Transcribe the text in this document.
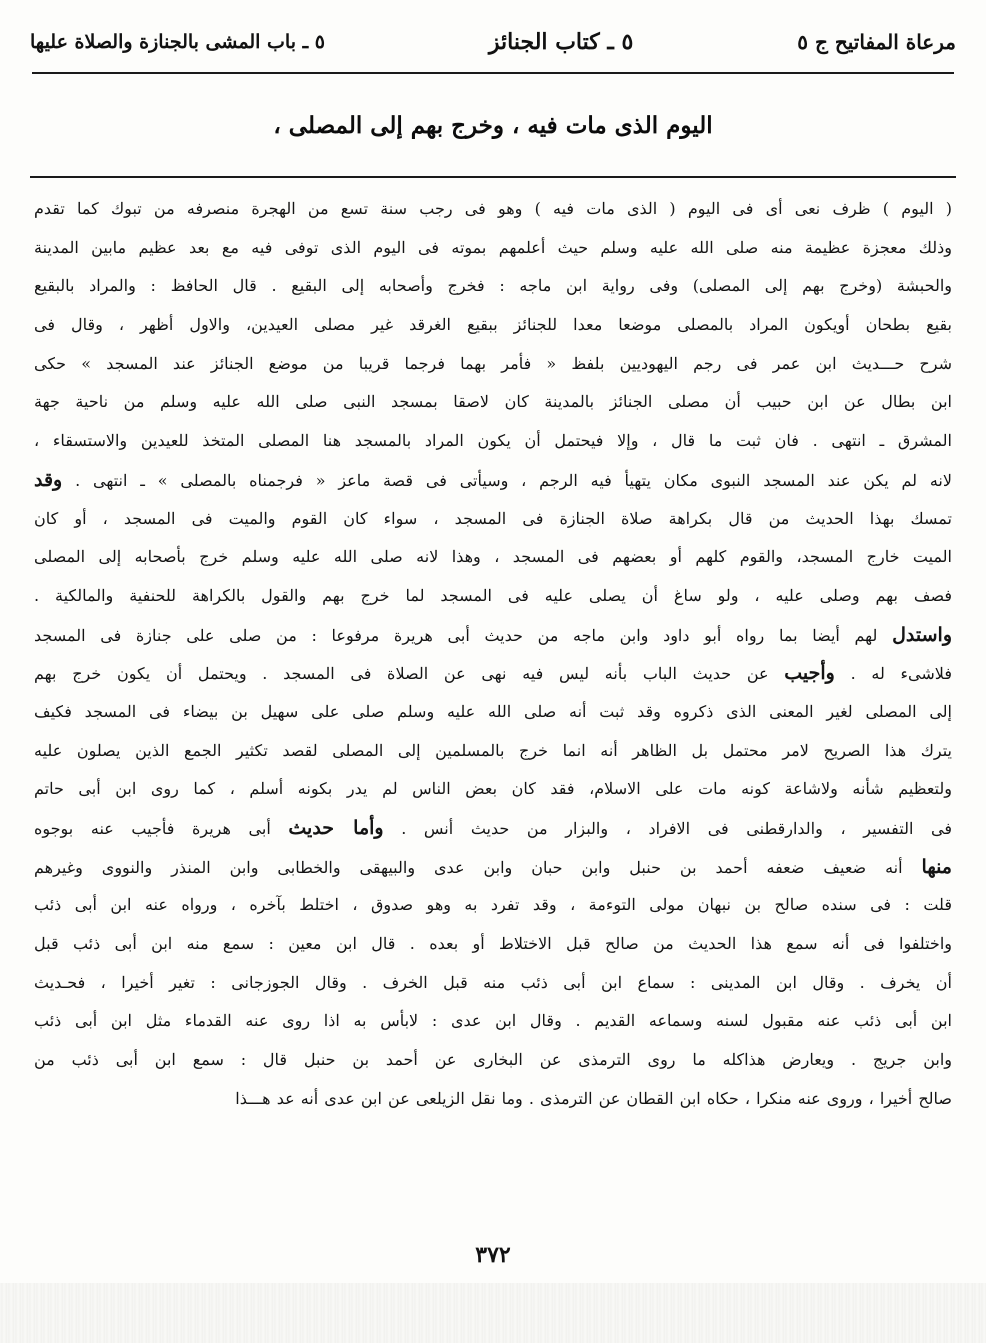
مرعاة المفاتيح ج ٥
٥ ـ كتاب الجنائز
٥ ـ باب المشى بالجنازة والصلاة عليها
اليوم الذى مات فيه ، وخرج بهم إلى المصلى ،
( اليوم ) ظرف نعى أى فى اليوم ( الذى مات فيه ) وهو فى رجب سنة تسع من الهجرة منصرفه من تبوك كما تقدم
وذلك معجزة عظيمة منه صلى الله عليه وسلم حيث أعلمهم بموته فى اليوم الذى توفى فيه مع بعد عظيم مابين المدينة
والحبشة (وخرج بهم إلى المصلى) وفى رواية ابن ماجه : فخرج وأصحابه إلى البقيع . قال الحافظ : والمراد بالبقيع
بقيع بطحان أويكون المراد بالمصلى موضعا معدا للجنائز ببقيع الغرقد غير مصلى العيدين، والاول أظهر ، وقال فى
شرح حـــديث ابن عمر فى رجم اليهوديين بلفظ « فأمر بهما فرجما قريبا من موضع الجنائز عند المسجد » حكى
ابن بطال عن ابن حبيب أن مصلى الجنائز بالمدينة كان لاصقا بمسجد النبى صلى الله عليه وسلم من ناحية جهة
المشرق ـ انتهى . فان ثبت ما قال ، وإلا فيحتمل أن يكون المراد بالمسجد هنا المصلى المتخذ للعيدين والاستسقاء ،
لانه لم يكن عند المسجد النبوى مكان يتهيأ فيه الرجم ، وسيأتى فى قصة ماعز « فرجمناه بالمصلى » ـ انتهى . وقد
تمسك بهذا الحديث من قال بكراهة صلاة الجنازة فى المسجد ، سواء كان القوم والميت فى المسجد ، أو كان
الميت خارج المسجد، والقوم كلهم أو بعضهم فى المسجد ، وهذا لانه صلى الله عليه وسلم خرج بأصحابه إلى المصلى
فصف بهم وصلى عليه ، ولو ساغ أن يصلى عليه فى المسجد لما خرج بهم والقول بالكراهة للحنفية والمالكية .
واستدل لهم أيضا بما رواه أبو داود وابن ماجه من حديث أبى هريرة مرفوعا : من صلى على جنازة فى المسجد
فلاشىء له . وأجيب عن حديث الباب بأنه ليس فيه نهى عن الصلاة فى المسجد . ويحتمل أن يكون خرج بهم
إلى المصلى لغير المعنى الذى ذكروه وقد ثبت أنه صلى الله عليه وسلم صلى على سهيل بن بيضاء فى المسجد فكيف
يترك هذا الصريح لامر محتمل بل الظاهر أنه انما خرج بالمسلمين إلى المصلى لقصد تكثير الجمع الذين يصلون عليه
ولتعظيم شأنه ولاشاعة كونه مات على الاسلام، فقد كان بعض الناس لم يدر بكونه أسلم ، كما روى ابن أبى حاتم
فى التفسير ، والدارقطنى فى الافراد ، والبزار من حديث أنس . وأما حديث أبى هريرة فأجيب عنه بوجوه
منها أنه ضعيف ضعفه أحمد بن حنبل وابن حبان وابن عدى والبيهقى والخطابى وابن المنذر والنووى وغيرهم
قلت : فى سنده صالح بن نبهان مولى التوءمة ، وقد تفرد به وهو صدوق ، اختلط بآخره ، ورواه عنه ابن أبى ذئب
واختلفوا فى أنه سمع هذا الحديث من صالح قبل الاختلاط أو بعده . قال ابن معين : سمع منه ابن أبى ذئب قبل
أن يخرف . وقال ابن المدينى : سماع ابن أبى ذئب منه قبل الخرف . وقال الجوزجانى : تغير أخيرا ، فحـديث
ابن أبى ذئب عنه مقبول لسنه وسماعه القديم . وقال ابن عدى : لابأس به اذا روى عنه القدماء مثل ابن أبى ذئب
وابن جريج . ويعارض هذاكله ما روى الترمذى عن البخارى عن أحمد بن حنبل قال : سمع ابن أبى ذئب من
صالح أخيرا ، وروى عنه منكرا ، حكاه ابن القطان عن الترمذى . وما نقل الزيلعى عن ابن عدى أنه عد هـــذا
٣٧٢
